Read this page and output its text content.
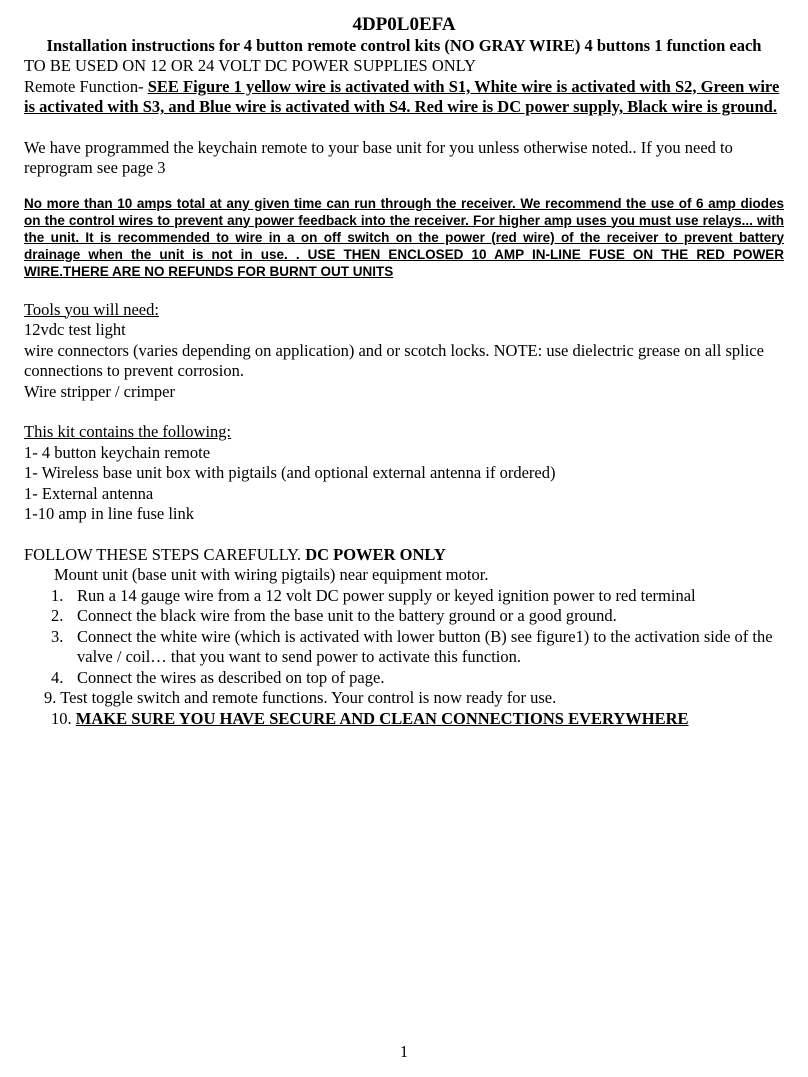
4DP0L0EFA
Installation instructions for 4 button remote control kits (NO GRAY WIRE) 4 buttons 1 function each
TO BE USED ON 12 OR 24 VOLT DC POWER SUPPLIES ONLY
Remote Function- SEE Figure 1 yellow wire is activated with S1, White wire is activated with S2, Green wire is activated with S3, and Blue wire is activated with S4. Red wire is DC power supply, Black wire is ground.
We have programmed the keychain remote to your base unit for you unless otherwise noted.. If you need to reprogram see page 3
No more than 10 amps total at any given time can run through the receiver. We recommend the use of 6 amp diodes on the control wires to prevent any power feedback into the receiver. For higher amp uses you must use relays... with the unit. It is recommended to wire in a on off switch on the power (red wire) of the receiver to prevent battery drainage when the unit is not in use. . USE THEN ENCLOSED 10 AMP IN-LINE FUSE ON THE RED POWER WIRE.THERE ARE NO REFUNDS FOR BURNT OUT UNITS
Tools you will need:
12vdc test light
wire connectors (varies depending on application) and or scotch locks. NOTE: use dielectric grease on all splice connections to prevent corrosion.
Wire stripper / crimper
This kit contains the following:
1- 4 button keychain remote
1- Wireless base unit box with pigtails (and optional external antenna if ordered)
1- External antenna
1-10 amp in line fuse link
FOLLOW THESE STEPS CAREFULLY. DC POWER ONLY
Mount unit (base unit with wiring pigtails) near equipment motor.
1. Run a 14 gauge wire from a 12 volt DC power supply or keyed ignition power to red terminal
2. Connect the black wire from the base unit to the battery ground or a good ground.
3. Connect the white wire (which is activated with lower button (B) see figure1) to the activation side of the valve / coil… that you want to send power to activate this function.
4. Connect the wires as described on top of page.
9. Test toggle switch and remote functions. Your control is now ready for use.
10. MAKE SURE YOU HAVE SECURE AND CLEAN CONNECTIONS EVERYWHERE
1
